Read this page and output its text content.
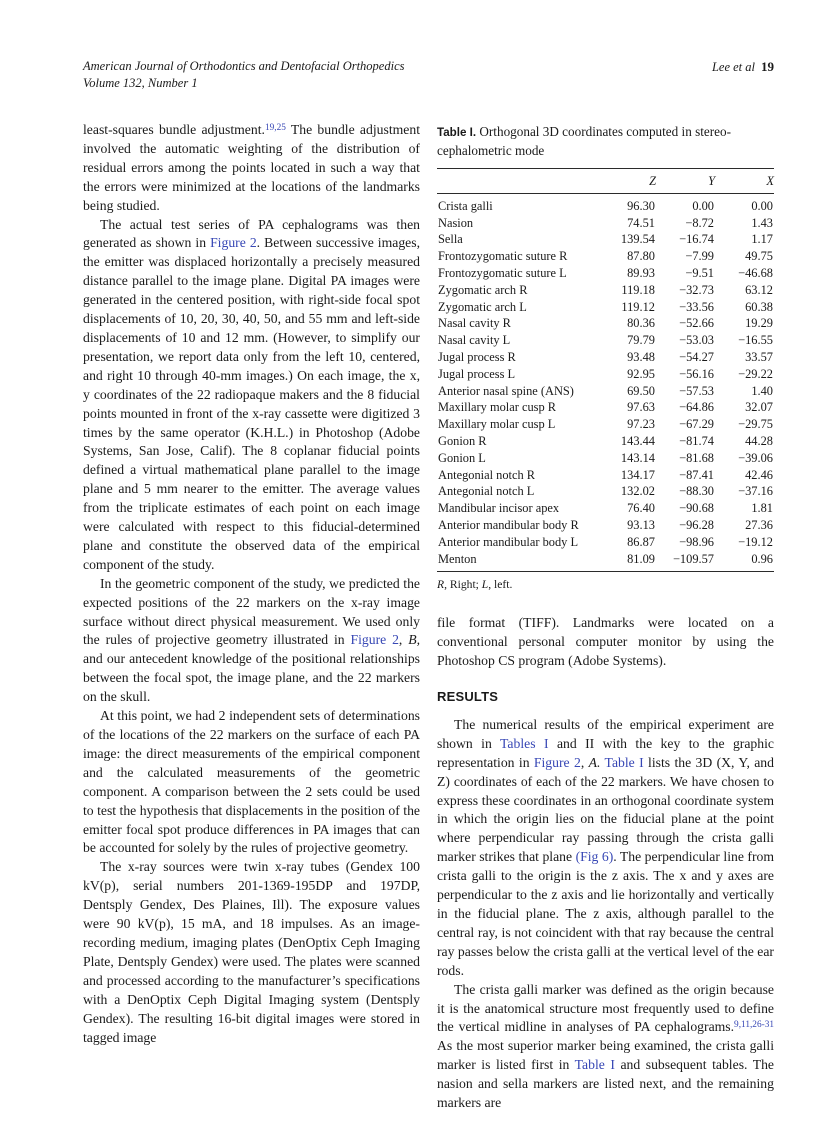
American Journal of Orthodontics and Dentofacial Orthopedics
Volume 132, Number 1
Lee et al 19

least-squares bundle adjustment.$^{19,25}$ The bundle adjustment involved the automatic weighting of the distribution of residual errors among the points located in such a way that the errors were minimized at the locations of the landmarks being studied.

The actual test series of PA cephalograms was then generated as shown in Figure 2. Between successive images, the emitter was displaced horizontally a precisely measured distance parallel to the image plane. Digital PA images were generated in the centered position, with right-side focal spot displacements of 10, 20, 30, 40, 50, and 55 mm and left-side displacements of 10 and 12 mm. (However, to simplify our presentation, we report data only from the left 10, centered, and right 10 through 40-mm images.) On each image, the x, y coordinates of the 22 radiopaque makers and the 8 fiducial points mounted in front of the x-ray cassette were digitized 3 times by the same operator (K.H.L.) in Photoshop (Adobe Systems, San Jose, Calif). The 8 coplanar fiducial points defined a virtual mathematical plane parallel to the image plane and 5 mm nearer to the emitter. The average values from the triplicate estimates of each point on each image were calculated with respect to this fiducial-determined plane and constitute the observed data of the empirical component of the study.

In the geometric component of the study, we predicted the expected positions of the 22 markers on the x-ray image surface without direct physical measurement. We used only the rules of projective geometry illustrated in Figure 2, B, and our antecedent knowledge of the positional relationships between the focal spot, the image plane, and the 22 markers on the skull.

At this point, we had 2 independent sets of determinations of the locations of the 22 markers on the surface of each PA image: the direct measurements of the empirical component and the calculated measurements of the geometric component. A comparison between the 2 sets could be used to test the hypothesis that displacements in the position of the emitter focal spot produce differences in PA images that can be accounted for solely by the rules of projective geometry.

The x-ray sources were twin x-ray tubes (Gendex 100 kV(p), serial numbers 201-1369-195DP and 197DP, Dentsply Gendex, Des Plaines, Ill). The exposure values were 90 kV(p), 15 mA, and 18 impulses. As an image-recording medium, imaging plates (DenOptix Ceph Imaging Plate, Dentsply Gendex) were used. The plates were scanned and processed according to the manufacturer’s specifications with a DenOptix Ceph Digital Imaging system (Dentsply Gendex). The resulting 16-bit digital images were stored in tagged image

Table I. Orthogonal 3D coordinates computed in stereo-cephalometric mode
	Z	Y	X
Crista galli	96.30	0.00	0.00
Nasion	74.51	−8.72	1.43
Sella	139.54	−16.74	1.17
Frontozygomatic suture R	87.80	−7.99	49.75
Frontozygomatic suture L	89.93	−9.51	−46.68
Zygomatic arch R	119.18	−32.73	63.12
Zygomatic arch L	119.12	−33.56	60.38
Nasal cavity R	80.36	−52.66	19.29
Nasal cavity L	79.79	−53.03	−16.55
Jugal process R	93.48	−54.27	33.57
Jugal process L	92.95	−56.16	−29.22
Anterior nasal spine (ANS)	69.50	−57.53	1.40
Maxillary molar cusp R	97.63	−64.86	32.07
Maxillary molar cusp L	97.23	−67.29	−29.75
Gonion R	143.44	−81.74	44.28
Gonion L	143.14	−81.68	−39.06
Antegonial notch R	134.17	−87.41	42.46
Antegonial notch L	132.02	−88.30	−37.16
Mandibular incisor apex	76.40	−90.68	1.81
Anterior mandibular body R	93.13	−96.28	27.36
Anterior mandibular body L	86.87	−98.96	−19.12
Menton	81.09	−109.57	0.96
R, Right; L, left.

file format (TIFF). Landmarks were located on a conventional personal computer monitor by using the Photoshop CS program (Adobe Systems).

RESULTS

The numerical results of the empirical experiment are shown in Tables I and II with the key to the graphic representation in Figure 2, A. Table I lists the 3D (X, Y, and Z) coordinates of each of the 22 markers. We have chosen to express these coordinates in an orthogonal coordinate system in which the origin lies on the fiducial plane at the point where perpendicular ray passing through the crista galli marker strikes that plane (Fig 6). The perpendicular line from crista galli to the origin is the z axis. The x and y axes are perpendicular to the z axis and lie horizontally and vertically in the fiducial plane. The z axis, although parallel to the central ray, is not coincident with that ray because the central ray passes below the crista galli at the vertical level of the ear rods.

The crista galli marker was defined as the origin because it is the anatomical structure most frequently used to define the vertical midline in analyses of PA cephalograms.$^{9,11,26-31}$ As the most superior marker being examined, the crista galli marker is listed first in Table I and subsequent tables. The nasion and sella markers are listed next, and the remaining markers are
